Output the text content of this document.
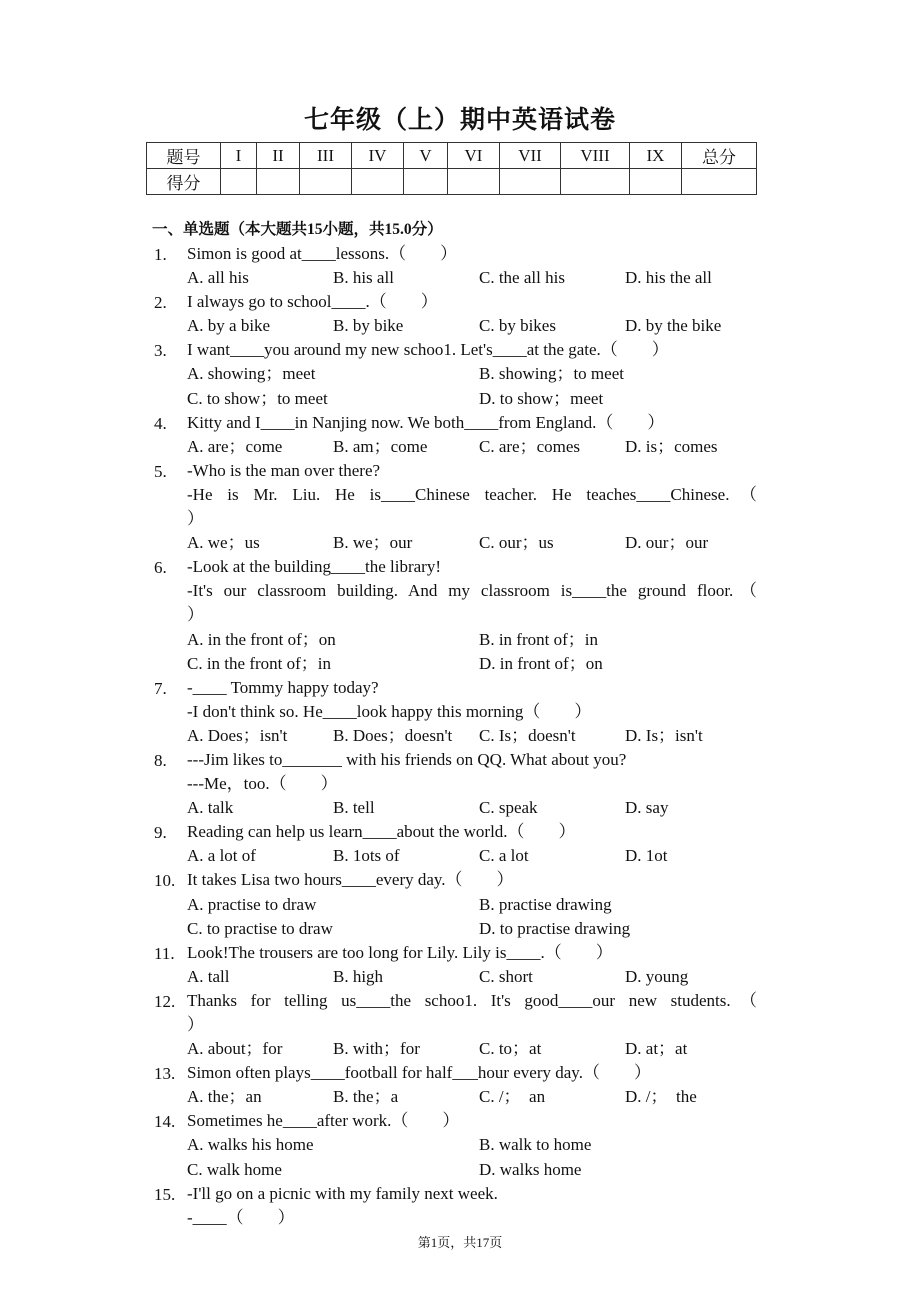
七年级（上）期中英语试卷
题号	I	II	III	IV	V	VI	VII	VIII	IX	总分
得分										
一、单选题（本大题共15小题，共15.0分）
1. Simon is good at____lessons.（　　）
A. all his	B. his all	C. the all his	D. his the all
2. I always go to school____.（　　）
A. by a bike	B. by bike	C. by bikes	D. by the bike
3. I want____you around my new schoo1. Let's____at the gate.（　　）
A. showing；meet	B. showing；to meet
C. to show；to meet	D. to show；meet
4. Kitty and I____in Nanjing now. We both____from England.（　　）
A. are；come	B. am；come	C. are；comes	D. is；comes
5. -Who is the man over there?
-He is Mr. Liu. He is____Chinese teacher. He teaches____Chinese.（
）
A. we；us	B. we；our	C. our；us	D. our；our
6. -Look at the building____the library!
-It's our classroom building. And my classroom is____the ground floor.（
）
A. in the front of；on	B. in front of；in
C. in the front of；in	D. in front of；on
7. -____ Tommy happy today?
-I don't think so. He____look happy this morning（　　）
A. Does；isn't	B. Does；doesn't C. Is；doesn't	D. Is；isn't
8. ---Jim likes to_______ with his friends on QQ. What about you?
---Me，too.（　　）
A. talk	B. tell	C. speak	D. say
9. Reading can help us learn____about the world.（　　）
A. a lot of	B. 1ots of	C. a lot	D. 1ot
10. It takes Lisa two hours____every day.（　　）
A. practise to draw	B. practise drawing
C. to practise to draw	D. to practise drawing
11. Look!The trousers are too long for Lily. Lily is____.（　　）
A. tall	B. high	C. short	D. young
12. Thanks for telling us____the schoo1. It's good____our new students.（
）
A. about；for	B. with；for	C. to；at	D. at；at
13. Simon often plays____football for half___hour every day.（　　）
A. the；an	B. the；a	C. /；　an	D. /；　the
14. Sometimes he____after work.（　　）
A. walks his home	B. walk to home
C. walk home	D. walks home
15. -I'll go on a picnic with my family next week.
-____（　　）
第1页，共17页
